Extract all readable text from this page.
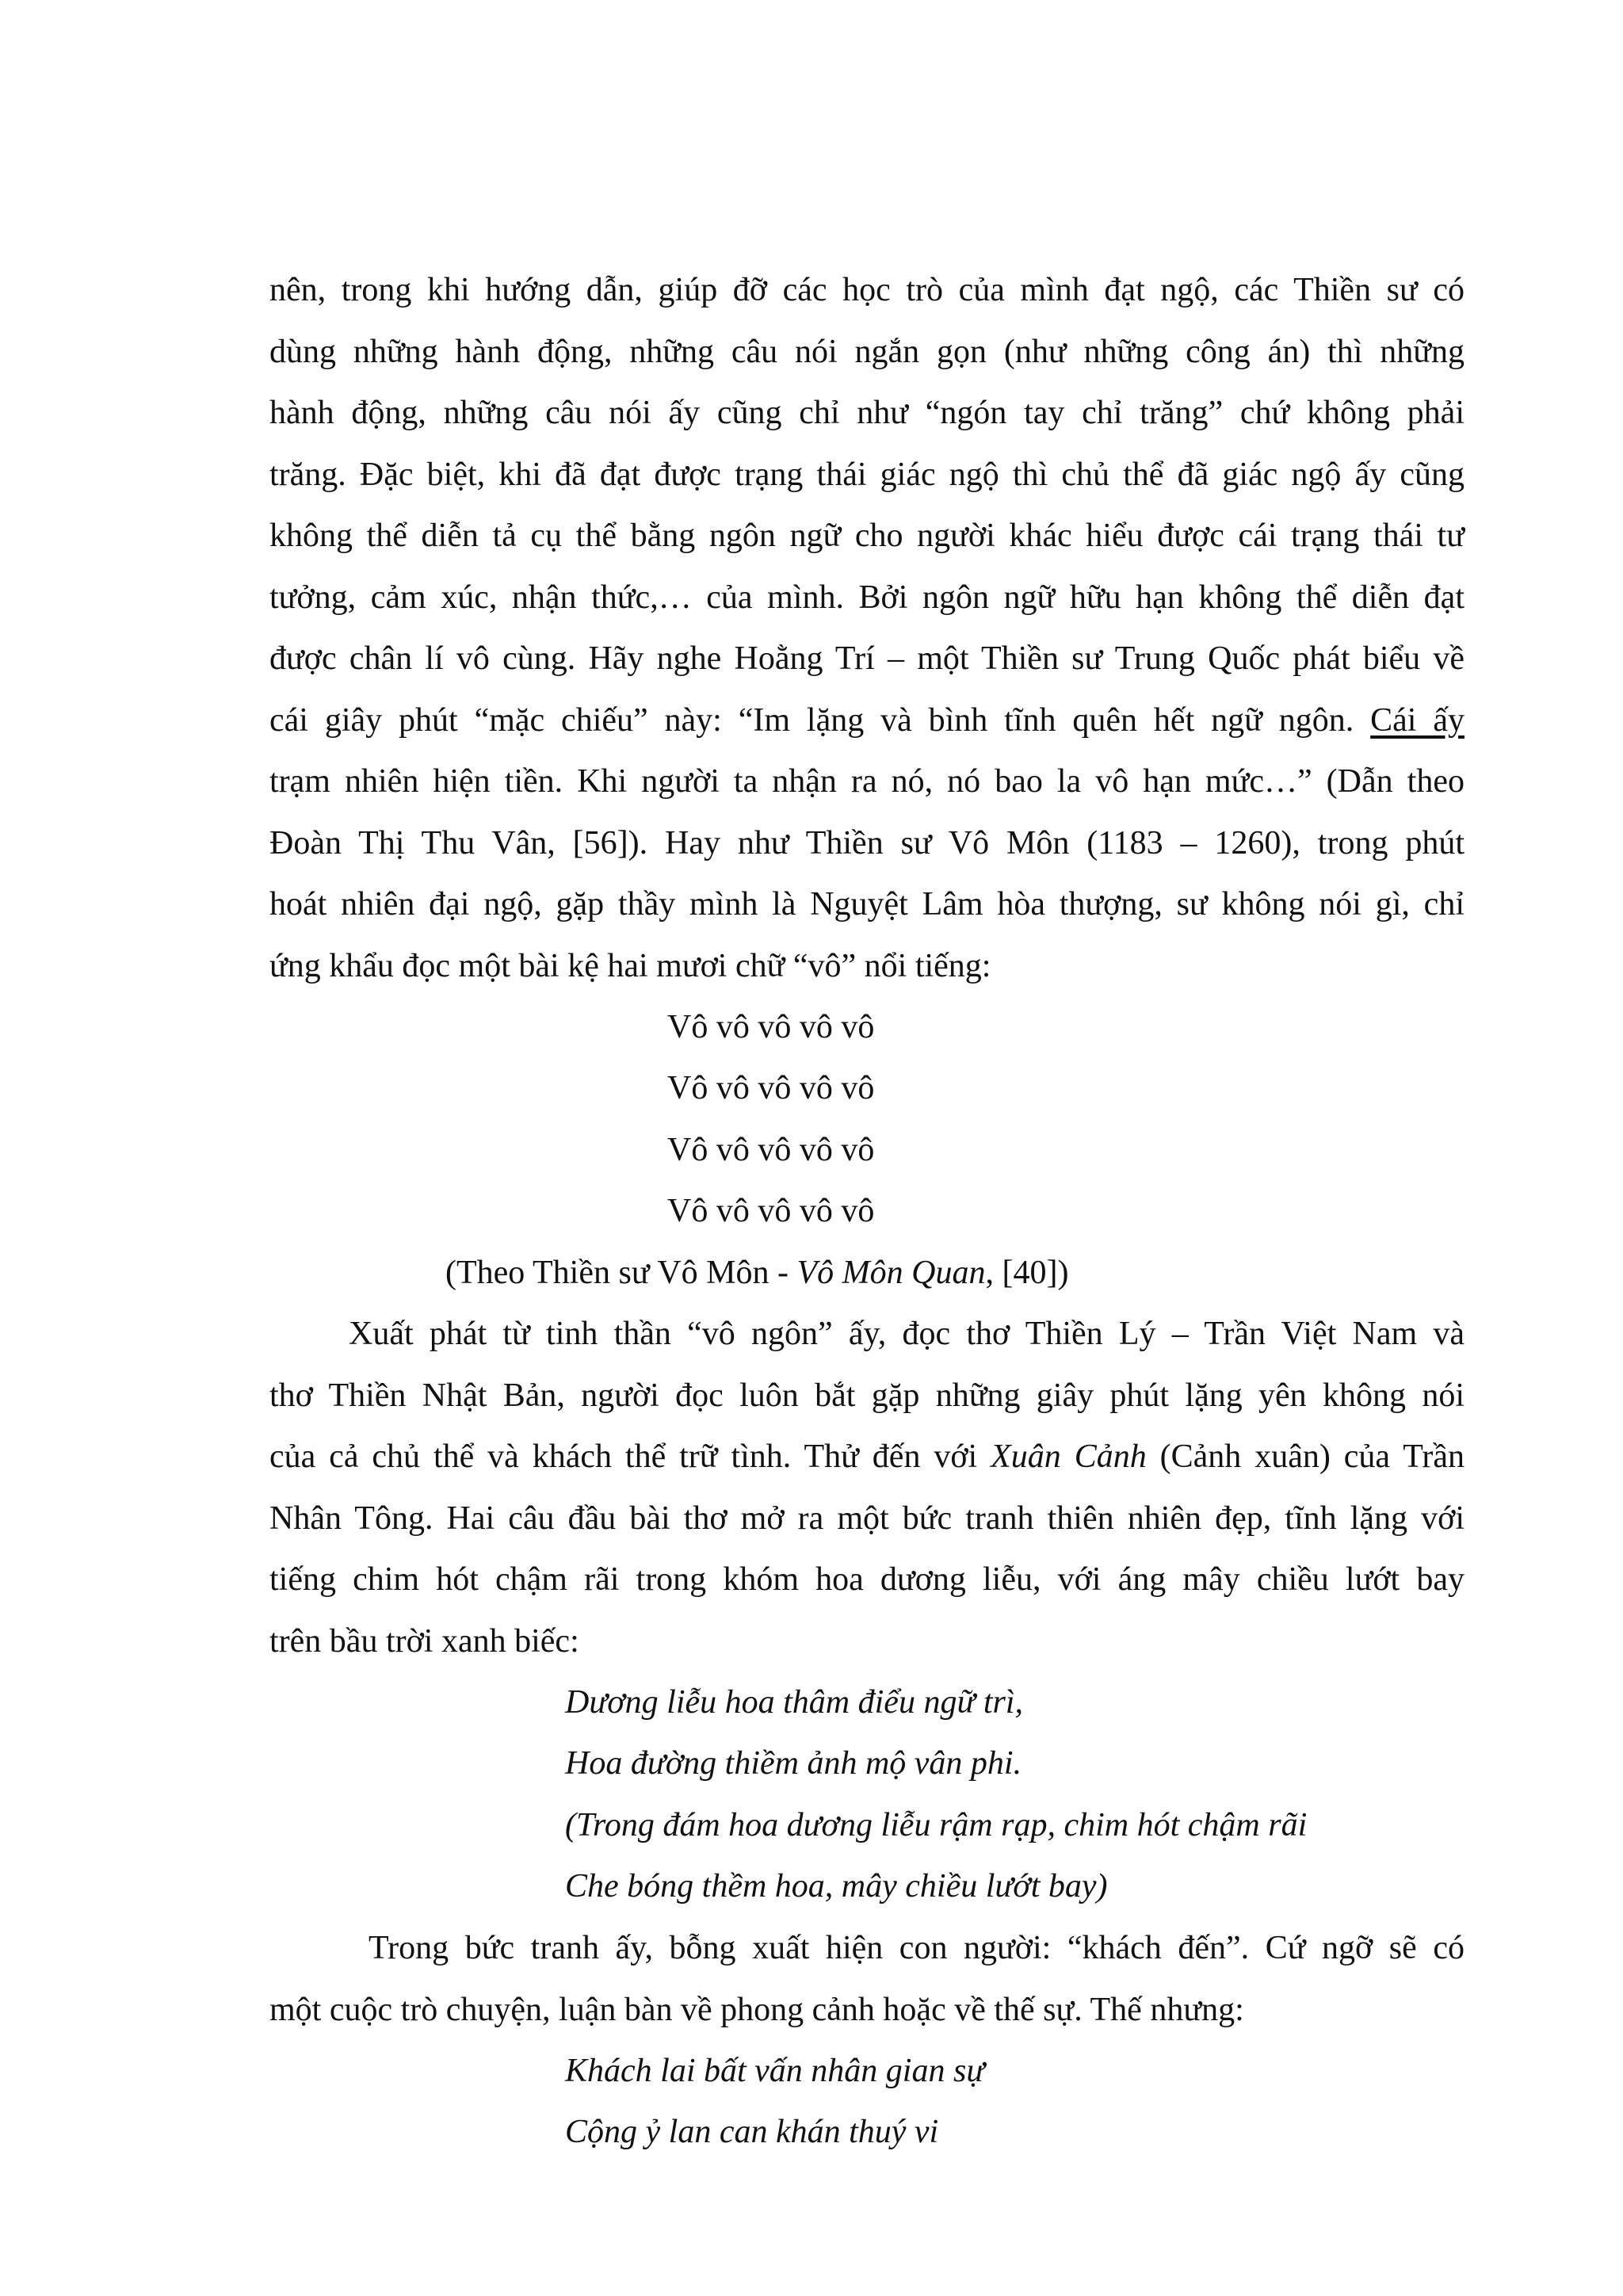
nên, trong khi hướng dẫn, giúp đỡ các học trò của mình đạt ngộ, các Thiền sư có
dùng những hành động, những câu nói ngắn gọn (như những công án) thì những
hành động, những câu nói ấy cũng chỉ như “ngón tay chỉ trăng” chứ không phải
trăng. Đặc biệt, khi đã đạt được trạng thái giác ngộ thì chủ thể đã giác ngộ ấy cũng
không thể diễn tả cụ thể bằng ngôn ngữ cho người khác hiểu được cái trạng thái tư
tưởng, cảm xúc, nhận thức,… của mình. Bởi ngôn ngữ hữu hạn không thể diễn đạt
được chân lí vô cùng. Hãy nghe Hoằng Trí – một Thiền sư Trung Quốc phát biểu về
cái giây phút “mặc chiếu” này: “Im lặng và bình tĩnh quên hết ngữ ngôn. Cái ấy
trạm nhiên hiện tiền. Khi người ta nhận ra nó, nó bao la vô hạn mức…” (Dẫn theo
Đoàn Thị Thu Vân, [56]). Hay như Thiền sư Vô Môn (1183 – 1260), trong phút
hoát nhiên đại ngộ, gặp thầy mình là Nguyệt Lâm hòa thượng, sư không nói gì, chỉ
ứng khẩu đọc một bài kệ hai mươi chữ “vô” nổi tiếng:

Vô vô vô vô vô

Vô vô vô vô vô

Vô vô vô vô vô

Vô vô vô vô vô

(Theo Thiền sư Vô Môn - Vô Môn Quan, [40])

Xuất phát từ tinh thần “vô ngôn” ấy, đọc thơ Thiền Lý – Trần Việt Nam và
thơ Thiền Nhật Bản, người đọc luôn bắt gặp những giây phút lặng yên không nói
của cả chủ thể và khách thể trữ tình. Thử đến với Xuân Cảnh (Cảnh xuân) của Trần
Nhân Tông. Hai câu đầu bài thơ mở ra một bức tranh thiên nhiên đẹp, tĩnh lặng với
tiếng chim hót chậm rãi trong khóm hoa dương liễu, với áng mây chiều lướt bay
trên bầu trời xanh biếc:

Dương liễu hoa thâm điểu ngữ trì,

Hoa đường thiềm ảnh mộ vân phi.

(Trong đám hoa dương liễu rậm rạp, chim hót chậm rãi

Che bóng thềm hoa, mây chiều lướt bay)

Trong bức tranh ấy, bỗng xuất hiện con người: “khách đến”. Cứ ngỡ sẽ có
một cuộc trò chuyện, luận bàn về phong cảnh hoặc về thế sự. Thế nhưng:

Khách lai bất vấn nhân gian sự

Cộng ỷ lan can khán thuý vi
